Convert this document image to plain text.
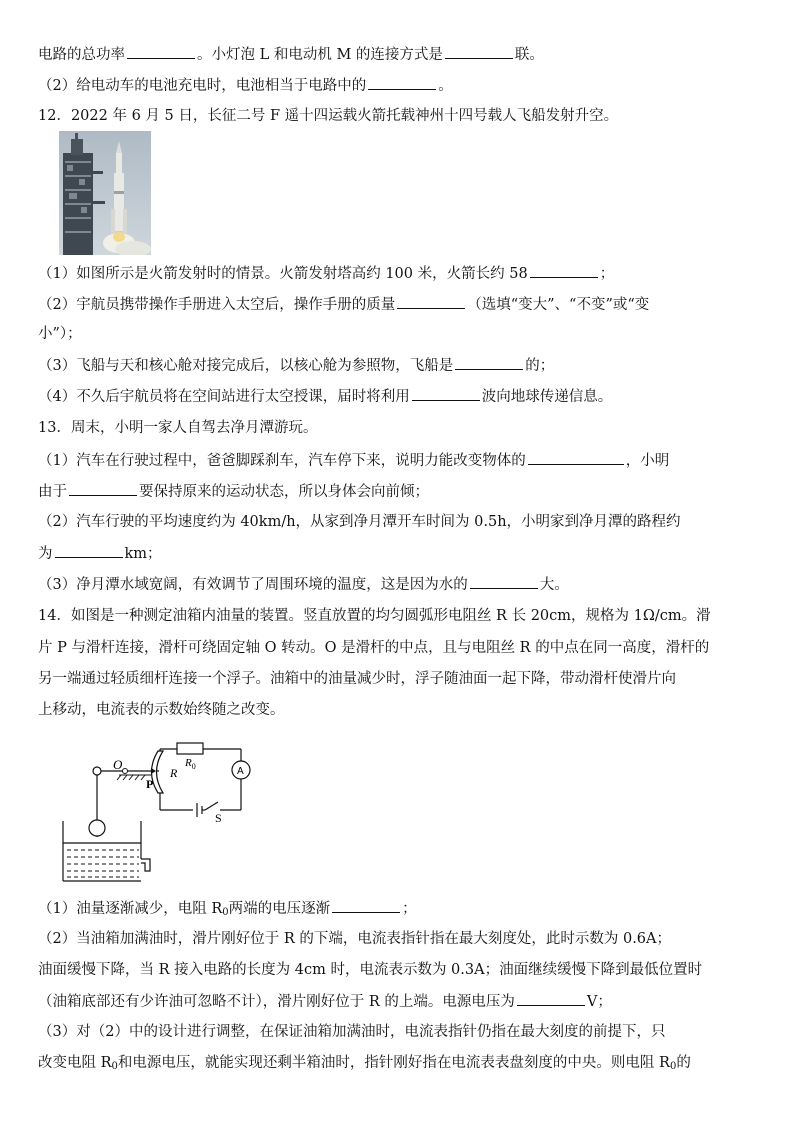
电路的总功率	。小灯泡 L 和电动机 M 的连接方式是	联。
（2）给电动车的电池充电时，电池相当于电路中的	。
12．2022 年 6 月 5 日，长征二号 F 遥十四运载火箭托载神州十四号载人飞船发射升空。
（1）如图所示是火箭发射时的情景。火箭发射塔高约 100 米，火箭长约 58	；
（2）宇航员携带操作手册进入太空后，操作手册的质量	（选填“变大”、“不变”或“变
小”）；
（3）飞船与天和核心舱对接完成后，以核心舱为参照物，飞船是	的；
（4）不久后宇航员将在空间站进行太空授课，届时将利用	波向地球传递信息。
13．周末，小明一家人自驾去净月潭游玩。
（1）汽车在行驶过程中，爸爸脚踩刹车，汽车停下来，说明力能改变物体的	，小明
由于	要保持原来的运动状态，所以身体会向前倾；
（2）汽车行驶的平均速度约为 40km/h，从家到净月潭开车时间为 0.5h，小明家到净月潭的路程约
为	km；
（3）净月潭水域宽阔，有效调节了周围环境的温度，这是因为水的	大。
14．如图是一种测定油箱内油量的装置。竖直放置的均匀圆弧形电阻丝 R 长 20cm，规格为 1Ω/cm。滑
片 P 与滑杆连接，滑杆可绕固定轴 O 转动。O 是滑杆的中点，且与电阻丝 R 的中点在同一高度，滑杆的
另一端通过轻质细杆连接一个浮子。油箱中的油量减少时，浮子随油面一起下降，带动滑杆使滑片向
上移动，电流表的示数始终随之改变。
O
P
R
$R_0$	A
S
（1）油量逐渐减少，电阻 $R_0$两端的电压逐渐	；
（2）当油箱加满油时，滑片刚好位于 R 的下端，电流表指针指在最大刻度处，此时示数为 0.6A；
油面缓慢下降，当 R 接入电路的长度为 4cm 时，电流表示数为 0.3A；油面继续缓慢下降到最低位置时
（油箱底部还有少许油可忽略不计），滑片刚好位于 R 的上端。电源电压为	V；
（3）对（2）中的设计进行调整，在保证油箱加满油时，电流表指针仍指在最大刻度的前提下，只
改变电阻 $R_0$和电源电压，就能实现还剩半箱油时，指针刚好指在电流表表盘刻度的中央。则电阻 $R_0$的
